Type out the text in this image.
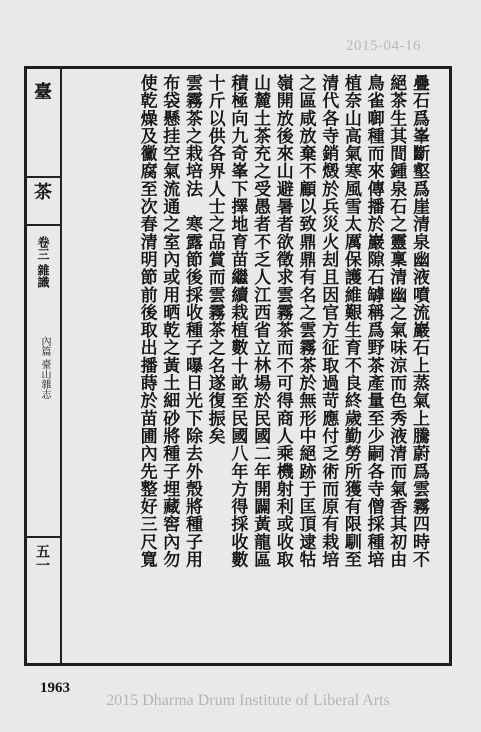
2015-04-16
臺
茶
卷三 雜識
內篇 臺山雜志
五一	疊石爲峯斷壑爲崖清泉幽液噴流巖石上蒸氣上騰蔚爲雲霧四時不

絕茶生其間鍾泉石之靈稟清幽之氣味涼而色秀液清而氣香其初由

鳥雀啣種而來傳播於巖隙石罅稱爲野茶產量至少嗣各寺僧採種培

植奈山高氣寒風雪太厲保護維艱生育不良終歲勤勞所獲有限馴至

清代各寺銷燬於兵災火刦且因官方征取過苛應付乏術而原有栽培

之區咸放棄不顧以致鼎鼎有名之雲霧茶於無形中絕跡于匡頂逮牯

嶺開放後來山避暑者欲徵求雲霧茶而不可得商人乘機射利或收取

山麓土茶充之受愚者不乏人江西省立林場於民國二年開闢黃龍區

積極向九奇峯下擇地育苗繼續栽植數十畝至民國八年方得採收數

十斤以供各界人士之品賞而雲霧茶之名遂復振矣

雲霧茶之栽培法　寒露節後採收種子曝日光下除去外殼將種子用

布袋懸挂空氣流通之室內或用晒乾之黃土細砂將種子埋藏窖內勿

使乾燥及黴腐至次春清明節前後取出播蒔於苗圃內先整好三尺寬

1963
2015 Dharma Drum Institute of Liberal Arts
